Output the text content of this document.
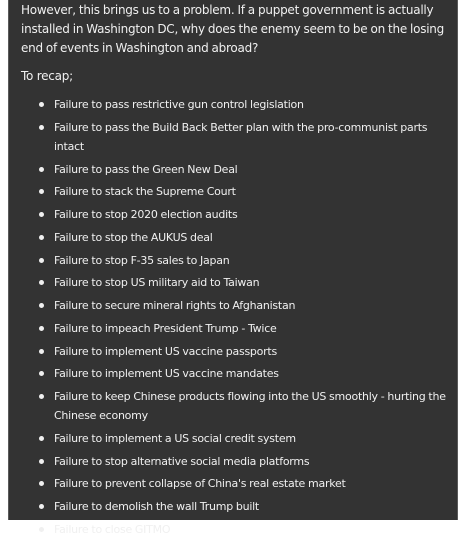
However, this brings us to a problem. If a puppet government is actually installed in Washington DC, why does the enemy seem to be on the losing end of events in Washington and abroad?

To recap;

Failure to pass restrictive gun control legislation
Failure to pass the Build Back Better plan with the pro-communist parts intact
Failure to pass the Green New Deal
Failure to stack the Supreme Court
Failure to stop 2020 election audits
Failure to stop the AUKUS deal
Failure to stop F-35 sales to Japan
Failure to stop US military aid to Taiwan
Failure to secure mineral rights to Afghanistan
Failure to impeach President Trump - Twice
Failure to implement US vaccine passports
Failure to implement US vaccine mandates
Failure to keep Chinese products flowing into the US smoothly - hurting the Chinese economy
Failure to implement a US social credit system
Failure to stop alternative social media platforms
Failure to prevent collapse of China's real estate market
Failure to demolish the wall Trump built
Failure to close GITMO
